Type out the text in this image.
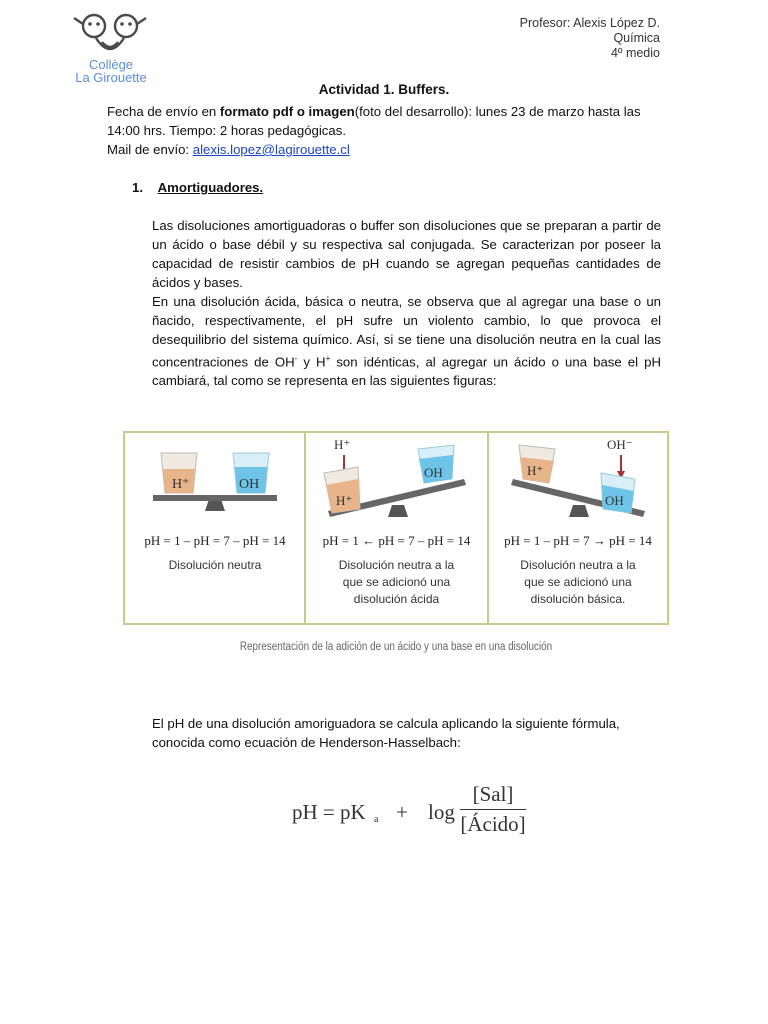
Collège
La Girouette
Profesor: Alexis López D.
Química
4º medio
Actividad 1. Buffers.
Fecha de envío en formato pdf o imagen(foto del desarrollo): lunes 23 de marzo hasta las 14:00 hrs. Tiempo: 2 horas pedagógicas.
Mail de envío: alexis.lopez@lagirouette.cl
1. Amortiguadores.
Las disoluciones amortiguadoras o buffer son disoluciones que se preparan a partir de un ácido o base débil y su respectiva sal conjugada. Se caracterizan por poseer la capacidad de resistir cambios de pH cuando se agregan pequeñas cantidades de ácidos y bases.
En una disolución ácida, básica o neutra, se observa que al agregar una base o un ñacido, respectivamente, el pH sufre un violento cambio, lo que provoca el desequilibrio del sistema químico. Así, si se tiene una disolución neutra en la cual las concentraciones de OH- y H+ son idénticas, al agregar un ácido o una base el pH cambiará, tal como se representa en las siguientes figuras:
H⁺	OH
pH = 1 – pH = 7 – pH = 14
Disolución neutra
H⁺
H⁺
OH
pH = 1 ← pH = 7 – pH = 14
Disolución neutra a la
que se adicionó una
disolución ácida
OH⁻
H⁺
OH
pH = 1 – pH = 7 → pH = 14
Disolución neutra a la
que se adicionó una
disolución básica.
Representación de la adición de un ácido y una base en una disolución
El pH de una disolución amoriguadora se calcula aplicando la siguiente fórmula, conocida como ecuación de Henderson-Hasselbach:
pH = pK a + log
[Sal]
[Ácido]
